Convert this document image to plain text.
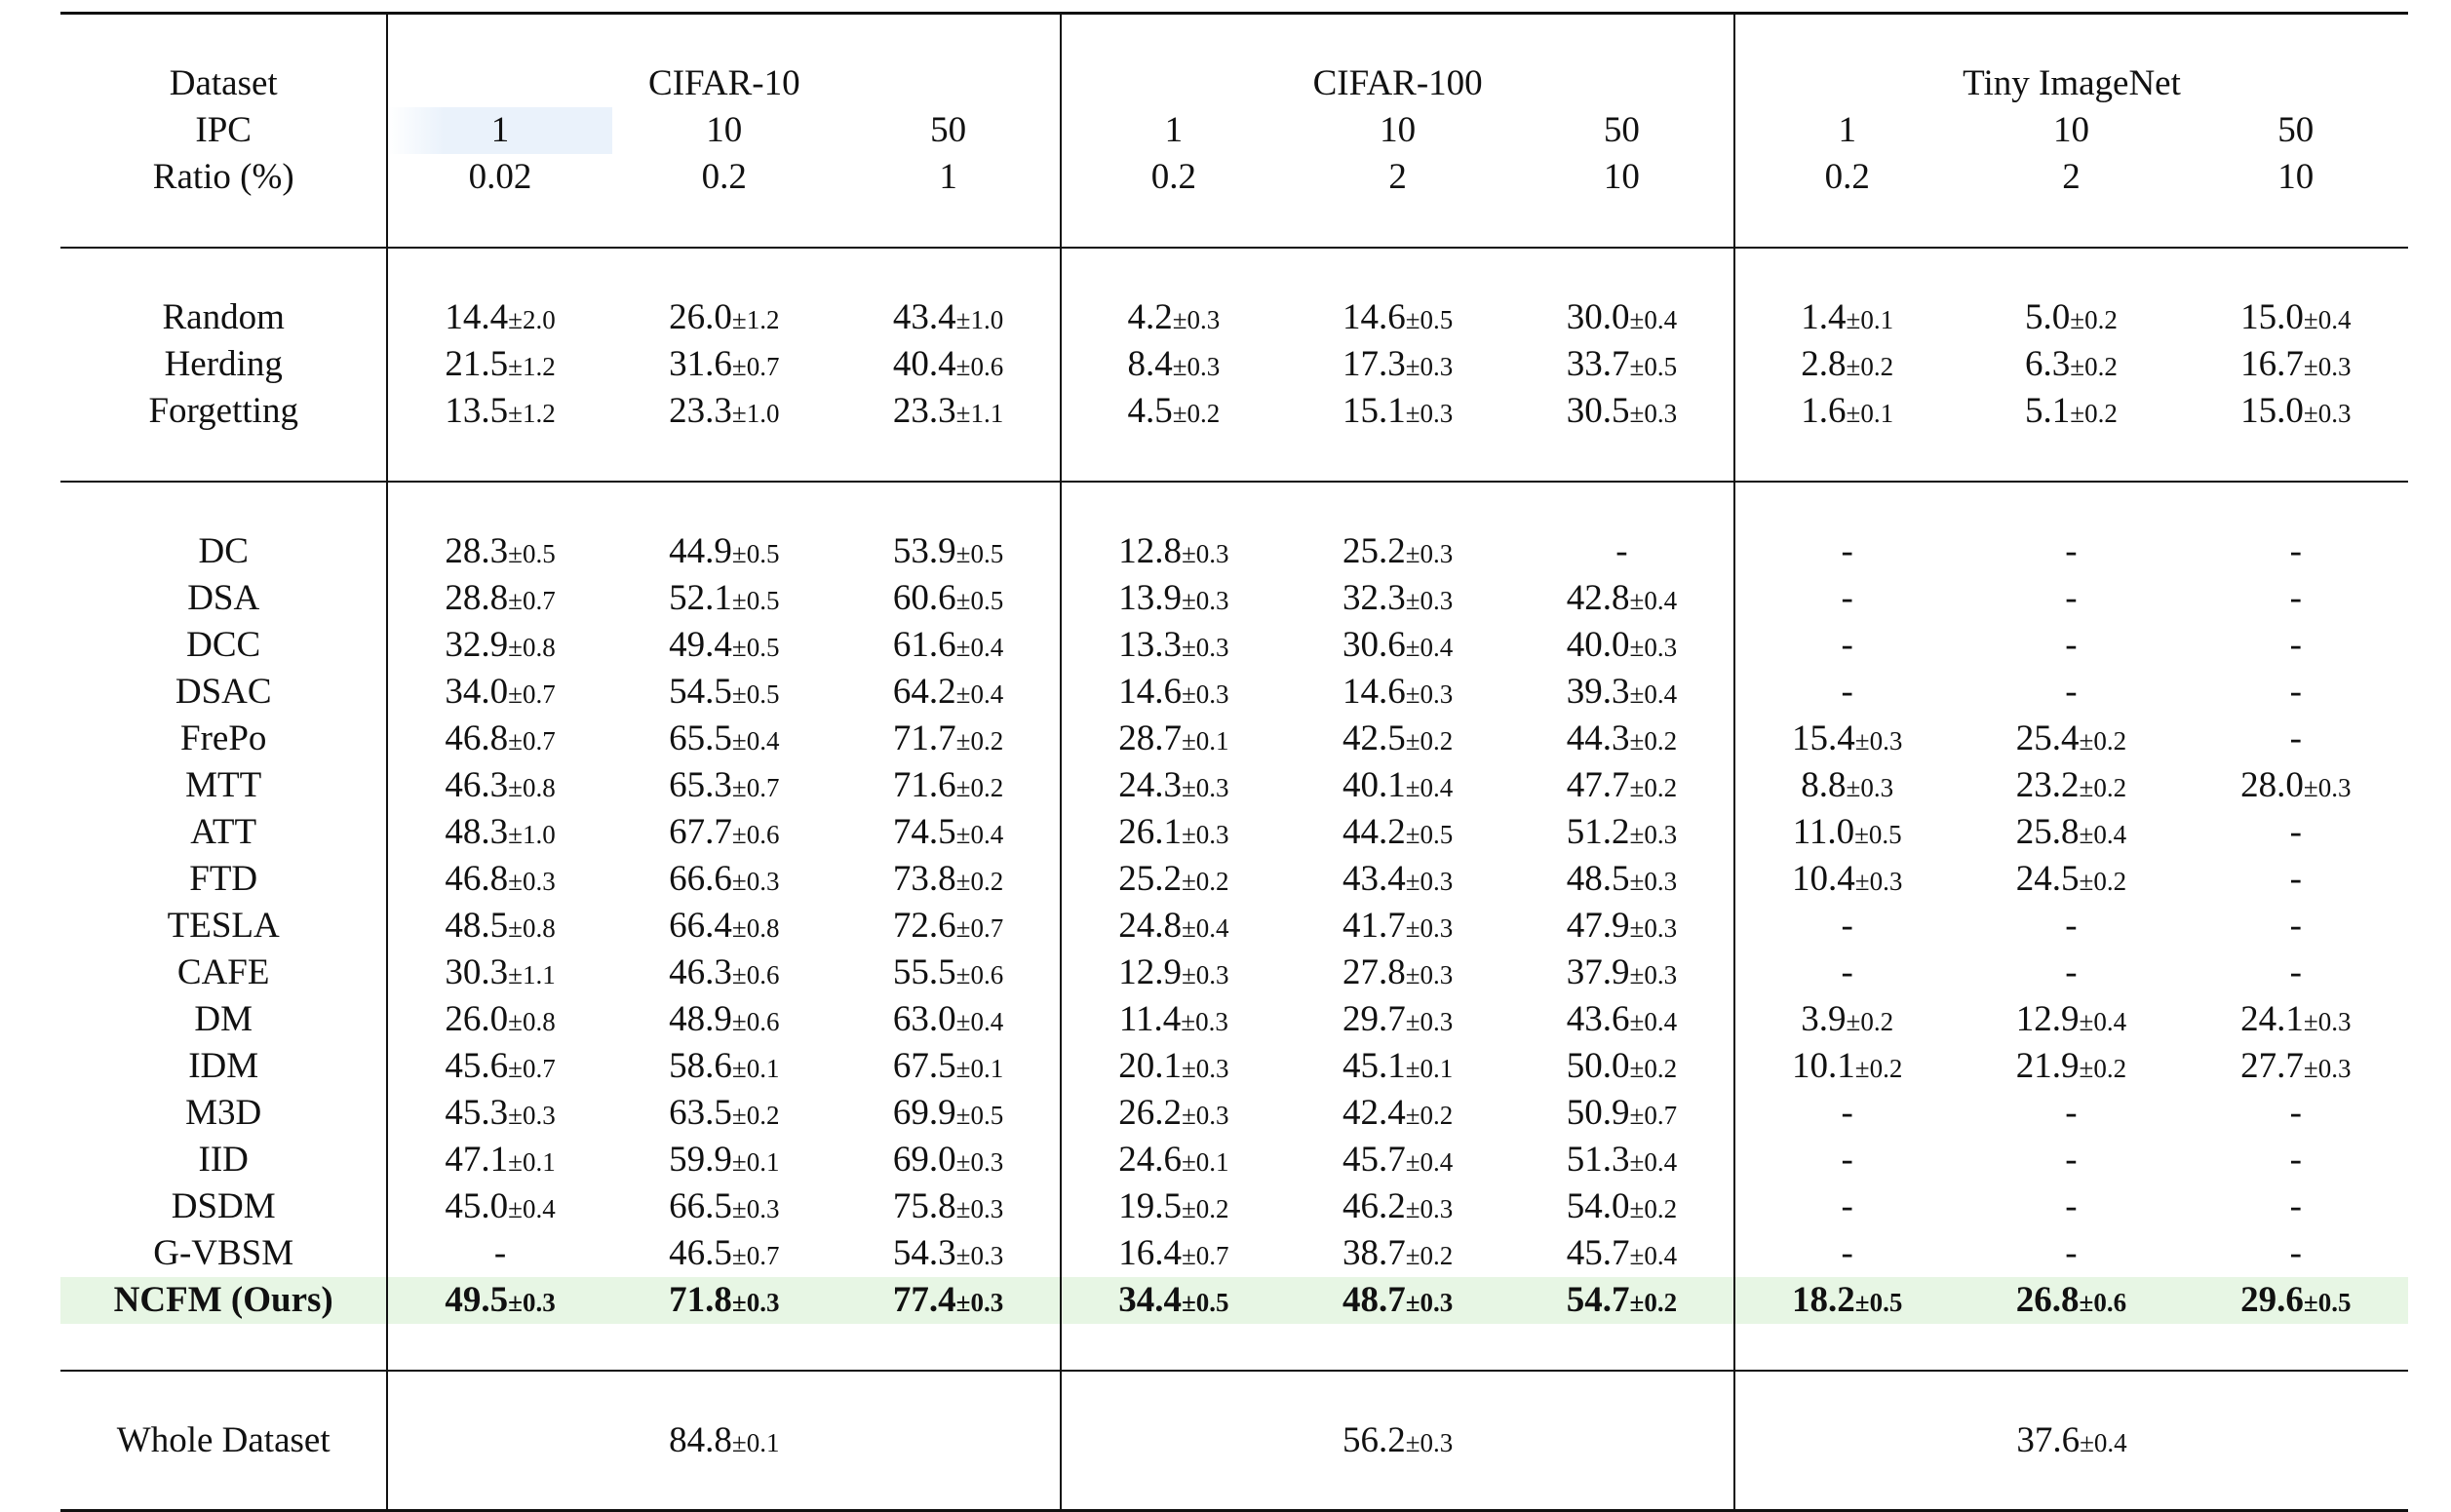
Dataset	CIFAR-10			CIFAR-100			Tiny ImageNet		
IPC	1	10	50	1	10	50	1	10	50
Ratio (%)	0.02	0.2	1	0.2	2	10	0.2	2	10

Random	14.4±2.0	26.0±1.2	43.4±1.0	4.2±0.3	14.6±0.5	30.0±0.4	1.4±0.1	5.0±0.2	15.0±0.4
Herding	21.5±1.2	31.6±0.7	40.4±0.6	8.4±0.3	17.3±0.3	33.7±0.5	2.8±0.2	6.3±0.2	16.7±0.3
Forgetting	13.5±1.2	23.3±1.0	23.3±1.1	4.5±0.2	15.1±0.3	30.5±0.3	1.6±0.1	5.1±0.2	15.0±0.3

DC	28.3±0.5	44.9±0.5	53.9±0.5	12.8±0.3	25.2±0.3	-	-	-	-
DSA	28.8±0.7	52.1±0.5	60.6±0.5	13.9±0.3	32.3±0.3	42.8±0.4	-	-	-
DCC	32.9±0.8	49.4±0.5	61.6±0.4	13.3±0.3	30.6±0.4	40.0±0.3	-	-	-
DSAC	34.0±0.7	54.5±0.5	64.2±0.4	14.6±0.3	14.6±0.3	39.3±0.4	-	-	-
FrePo	46.8±0.7	65.5±0.4	71.7±0.2	28.7±0.1	42.5±0.2	44.3±0.2	15.4±0.3	25.4±0.2	-
MTT	46.3±0.8	65.3±0.7	71.6±0.2	24.3±0.3	40.1±0.4	47.7±0.2	8.8±0.3	23.2±0.2	28.0±0.3
ATT	48.3±1.0	67.7±0.6	74.5±0.4	26.1±0.3	44.2±0.5	51.2±0.3	11.0±0.5	25.8±0.4	-
FTD	46.8±0.3	66.6±0.3	73.8±0.2	25.2±0.2	43.4±0.3	48.5±0.3	10.4±0.3	24.5±0.2	-
TESLA	48.5±0.8	66.4±0.8	72.6±0.7	24.8±0.4	41.7±0.3	47.9±0.3	-	-	-
CAFE	30.3±1.1	46.3±0.6	55.5±0.6	12.9±0.3	27.8±0.3	37.9±0.3	-	-	-
DM	26.0±0.8	48.9±0.6	63.0±0.4	11.4±0.3	29.7±0.3	43.6±0.4	3.9±0.2	12.9±0.4	24.1±0.3
IDM	45.6±0.7	58.6±0.1	67.5±0.1	20.1±0.3	45.1±0.1	50.0±0.2	10.1±0.2	21.9±0.2	27.7±0.3
M3D	45.3±0.3	63.5±0.2	69.9±0.5	26.2±0.3	42.4±0.2	50.9±0.7	-	-	-
IID	47.1±0.1	59.9±0.1	69.0±0.3	24.6±0.1	45.7±0.4	51.3±0.4	-	-	-
DSDM	45.0±0.4	66.5±0.3	75.8±0.3	19.5±0.2	46.2±0.3	54.0±0.2	-	-	-
G-VBSM	-	46.5±0.7	54.3±0.3	16.4±0.7	38.7±0.2	45.7±0.4	-	-	-
NCFM (Ours)	49.5±0.3	71.8±0.3	77.4±0.3	34.4±0.5	48.7±0.3	54.7±0.2	18.2±0.5	26.8±0.6	29.6±0.5

Whole Dataset	84.8±0.1			56.2±0.3			37.6±0.4		
